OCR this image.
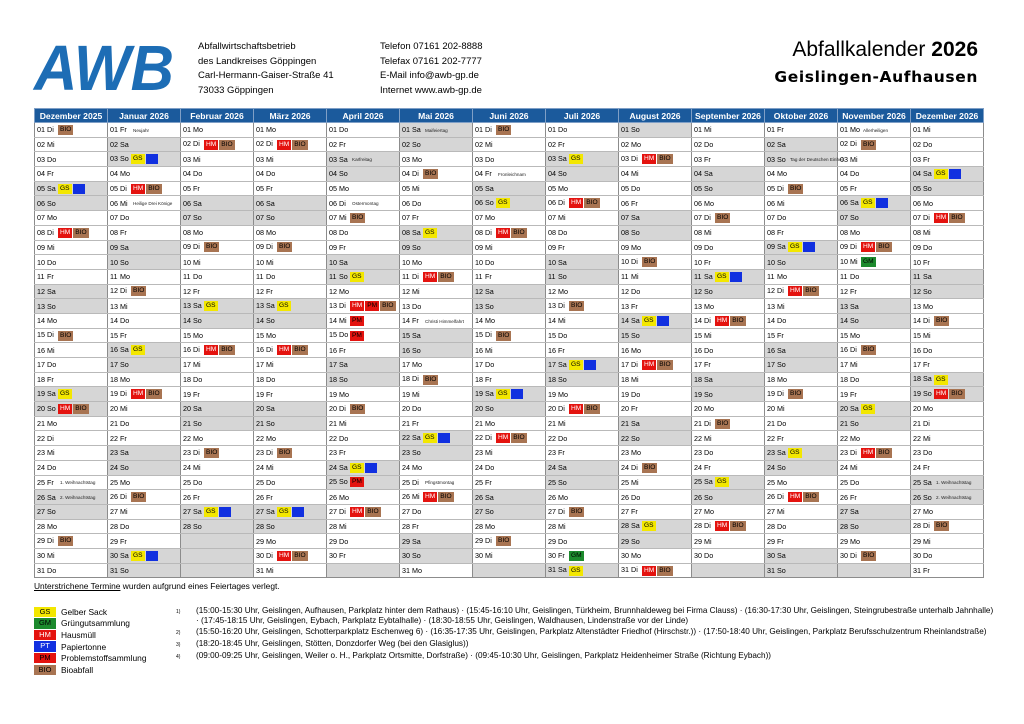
AWB	Abfallwirtschaftsbetrieb
des Landkreises Göppingen
Carl-Hermann-Gaiser-Straße 41
73033 Göppingen
Telefon 07161 202-8888
Telefax 07161 202-7777
E-Mail info@awb-gp.de
Internet www.awb-gp.de
Abfallkalender 2026
Geislingen-Aufhausen
Dezember 2025	Januar 2026	Februar 2026	März 2026	April 2026	Mai 2026	Juni 2026	Juli 2026	August 2026	September 2026	Oktober 2026	November 2026	Dezember 2026
01 Di BIO	01 Fr Neujahr	01 Mo	01 Mo	01 Do	01 Sa Maifeiertag	01 Di BIO	01 Do	01 So	01 Mi	01 Fr	01 Mo Allerheiligen	01 Mi
02 Mi	02 Sa	02 Di HM BIO	02 Di HM BIO	02 Fr	02 So	02 Mi	02 Fr	02 Mo	02 Do	02 Sa	02 Di BIO	02 Do
03 Do	03 So GS PT	03 Mi	03 Mi	03 Sa Karfreitag	03 Mo	03 Do	03 Sa GS	03 Di HM BIO	03 Fr	03 So Tag der Deutschen Einheit	03 Mi	03 Fr
04 Fr	04 Mo	04 Do	04 Do	04 So	04 Di BIO	04 Fr Fronleichnam	04 So	04 Mi	04 Sa	04 Mo	04 Do	04 Sa GS PT
05 Sa GS PT	05 Di HM BIO	05 Fr	05 Fr	05 Mo	05 Mi	05 Sa	05 Mo	05 Do	05 So	05 Di BIO	05 Fr	05 So
06 So	06 Mi Heilige Drei Könige	06 Sa	06 Sa	06 Di Ostermontag	06 Do	06 So GS	06 Di HM BIO	06 Fr	06 Mo	06 Mi	06 Sa GS PT	06 Mo
07 Mo	07 Do	07 So	07 So	07 Mi BIO	07 Fr	07 Mo	07 Mi	07 Sa	07 Di BIO	07 Do	07 So	07 Di HM BIO
08 Di HM BIO	08 Fr	08 Mo	08 Mo	08 Do	08 Sa GS	08 Di HM BIO	08 Do	08 So	08 Mi	08 Fr	08 Mo	08 Mi
09 Mi	09 Sa	09 Di BIO	09 Di BIO	09 Fr	09 So	09 Mi	09 Fr	09 Mo	09 Do	09 Sa GS PT	09 Di HM BIO	09 Do
10 Do	10 So	10 Mi	10 Mi	10 Sa	10 Mo	10 Do	10 Sa	10 Di BIO	10 Fr	10 So	10 Mi GM	10 Fr
11 Fr	11 Mo	11 Do	11 Do	11 So GS	11 Di HM BIO	11 Fr	11 So	11 Mi	11 Sa GS PT	11 Mo	11 Do	11 Sa
12 Sa	12 Di BIO	12 Fr	12 Fr	12 Mo	12 Mi	12 Sa	12 Mo	12 Do	12 So	12 Di HM BIO	12 Fr	12 So
13 So	13 Mi	13 Sa GS	13 Sa GS	13 Di HM PM BIO	13 Do	13 So	13 Di BIO	13 Fr	13 Mo	13 Mi	13 Sa	13 Mo
14 Mo	14 Do	14 So	14 So	14 Mi PM	14 Fr Christi Himmelfahrt	14 Mo	14 Mi	14 Sa GS PT	14 Di HM BIO	14 Do	14 So	14 Di BIO
15 Di BIO	15 Fr	15 Mo	15 Mo	15 Do PM	15 Sa	15 Di BIO	15 Do	15 So	15 Mi	15 Fr	15 Mo	15 Mi
16 Mi	16 Sa GS	16 Di HM BIO	16 Di HM BIO	16 Fr	16 So	16 Mi	16 Fr	16 Mo	16 Do	16 Sa	16 Di BIO	16 Do
17 Do	17 So	17 Mi	17 Mi	17 Sa	17 Mo	17 Do	17 Sa GS PT	17 Di HM BIO	17 Fr	17 So	17 Mi	17 Fr
18 Fr	18 Mo	18 Do	18 Do	18 So	18 Di BIO	18 Fr	18 So	18 Mi	18 Sa	18 Mo	18 Do	18 Sa GS
19 Sa GS	19 Di HM BIO	19 Fr	19 Fr	19 Mo	19 Mi	19 Sa GS PT	19 Mo	19 Do	19 So	19 Di BIO	19 Fr	19 So HM BIO
20 So HM BIO	20 Mi	20 Sa	20 Sa	20 Di BIO	20 Do	20 So	20 Di HM BIO	20 Fr	20 Mo	20 Mi	20 Sa GS	20 Mo
21 Mo	21 Do	21 So	21 So	21 Mi	21 Fr	21 Mo	21 Mi	21 Sa	21 Di BIO	21 Do	21 So	21 Di
22 Di	22 Fr	22 Mo	22 Mo	22 Do	22 Sa GS PT	22 Di HM BIO	22 Do	22 So	22 Mi	22 Fr	22 Mo	22 Mi
23 Mi	23 Sa	23 Di BIO	23 Di BIO	23 Fr	23 So	23 Mi	23 Fr	23 Mo	23 Do	23 Sa GS	23 Di HM BIO	23 Do
24 Do	24 So	24 Mi	24 Mi	24 Sa GS PT	24 Mo	24 Do	24 Sa	24 Di BIO	24 Fr	24 So	24 Mi	24 Fr
25 Fr 1. Weihnachtstag	25 Mo	25 Do	25 Do	25 So PM	25 Di Pfingstmontag	25 Fr	25 So	25 Mi	25 Sa GS	25 Mo	25 Do	25 Sa 1. Weihnachtstag
26 Sa 2. Weihnachtstag	26 Di BIO	26 Fr	26 Fr	26 Mo	26 Mi HM BIO	26 Sa	26 Mo	26 Do	26 So	26 Di HM BIO	26 Fr	26 So 2. Weihnachtstag
27 So	27 Mi	27 Sa GS PT	27 Sa GS PT	27 Di HM BIO	27 Do	27 So	27 Di BIO	27 Fr	27 Mo	27 Mi	27 Sa	27 Mo
28 Mo	28 Do	28 So	28 So	28 Mi	28 Fr	28 Mo	28 Mi	28 Sa GS	28 Di HM BIO	28 Do	28 So	28 Di BIO
29 Di BIO	29 Fr		29 Mo	29 Do	29 Sa	29 Di BIO	29 Do	29 So	29 Mi	29 Fr	29 Mo	29 Mi
30 Mi	30 Sa GS PT		30 Di HM BIO	30 Fr	30 So	30 Mi	30 Fr GM	30 Mo	30 Do	30 Sa	30 Di BIO	30 Do
31 Do	31 So		31 Mi		31 Mo		31 Sa GS	31 Di HM BIO		31 So		31 Fr
Unterstrichene Termine wurden aufgrund eines Feiertages verlegt.
GS	Gelber Sack
GM	Grüngutsammlung
HM	Hausmüll
PT	Papiertonne
PM	Problemstoffsammlung
BIO	Bioabfall
1)	(15:00-15:30 Uhr, Geislingen, Aufhausen, Parkplatz hinter dem Rathaus) · (15:45-16:10 Uhr, Geislingen, Türkheim, Brunnhaldeweg bei Firma Clauss) · (16:30-17:30 Uhr, Geislingen, Steingrubestraße unterhalb Jahnhalle) · (17:45-18:15 Uhr, Geislingen, Eybach, Parkplatz Eybtalhalle) · (18:30-18:55 Uhr, Geislingen, Waldhausen, Lindenstraße vor der Linde)
2)	(15:50-16:20 Uhr, Geislingen, Schotterparkplatz Eschenweg 6) · (16:35-17:35 Uhr, Geislingen, Parkplatz Altenstädter Friedhof (Hirschstr.)) · (17:50-18:40 Uhr, Geislingen, Parkplatz Berufsschulzentrum Rheinlandstraße)
3)	(18:20-18:45 Uhr, Geislingen, Stötten, Donzdorfer Weg (bei den Glasiglus))
4)	(09:00-09:25 Uhr, Geislingen, Weiler o. H., Parkplatz Ortsmitte, Dorfstraße) · (09:45-10:30 Uhr, Geislingen, Parkplatz Heidenheimer Straße (Richtung Eybach))
